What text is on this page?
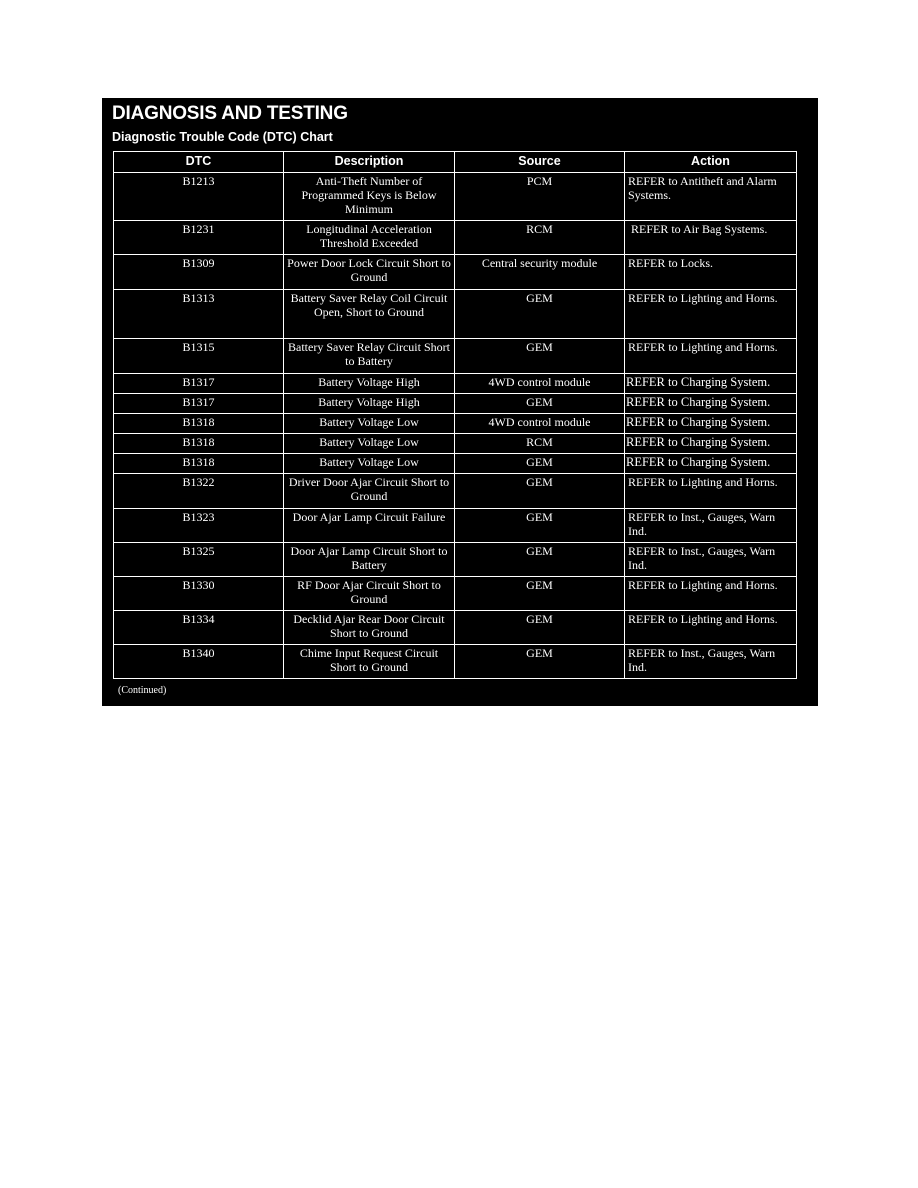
DIAGNOSIS AND TESTING
Diagnostic Trouble Code (DTC) Chart
DTC	Description	Source	Action
B1213	Anti-Theft Number of Programmed Keys is Below Minimum	PCM	REFER to Antitheft and Alarm Systems.
B1231	Longitudinal Acceleration Threshold Exceeded	RCM	REFER to Air Bag Systems.
B1309	Power Door Lock Circuit Short to Ground	Central security module	REFER to Locks.
B1313	Battery Saver Relay Coil Circuit Open, Short to Ground	GEM	REFER to Lighting and Horns.
B1315	Battery Saver Relay Circuit Short to Battery	GEM	REFER to Lighting and Horns.
B1317	Battery Voltage High	4WD control module	REFER to Charging System.
B1317	Battery Voltage High	GEM	REFER to Charging System.
B1318	Battery Voltage Low	4WD control module	REFER to Charging System.
B1318	Battery Voltage Low	RCM	REFER to Charging System.
B1318	Battery Voltage Low	GEM	REFER to Charging System.
B1322	Driver Door Ajar Circuit Short to Ground	GEM	REFER to Lighting and Horns.
B1323	Door Ajar Lamp Circuit Failure	GEM	REFER to Inst., Gauges, Warn Ind.
B1325	Door Ajar Lamp Circuit Short to Battery	GEM	REFER to Inst., Gauges, Warn Ind.
B1330	RF Door Ajar Circuit Short to Ground	GEM	REFER to Lighting and Horns.
B1334	Decklid Ajar Rear Door Circuit Short to Ground	GEM	REFER to Lighting and Horns.
B1340	Chime Input Request Circuit Short to Ground	GEM	REFER to Inst., Gauges, Warn Ind.
(Continued)
